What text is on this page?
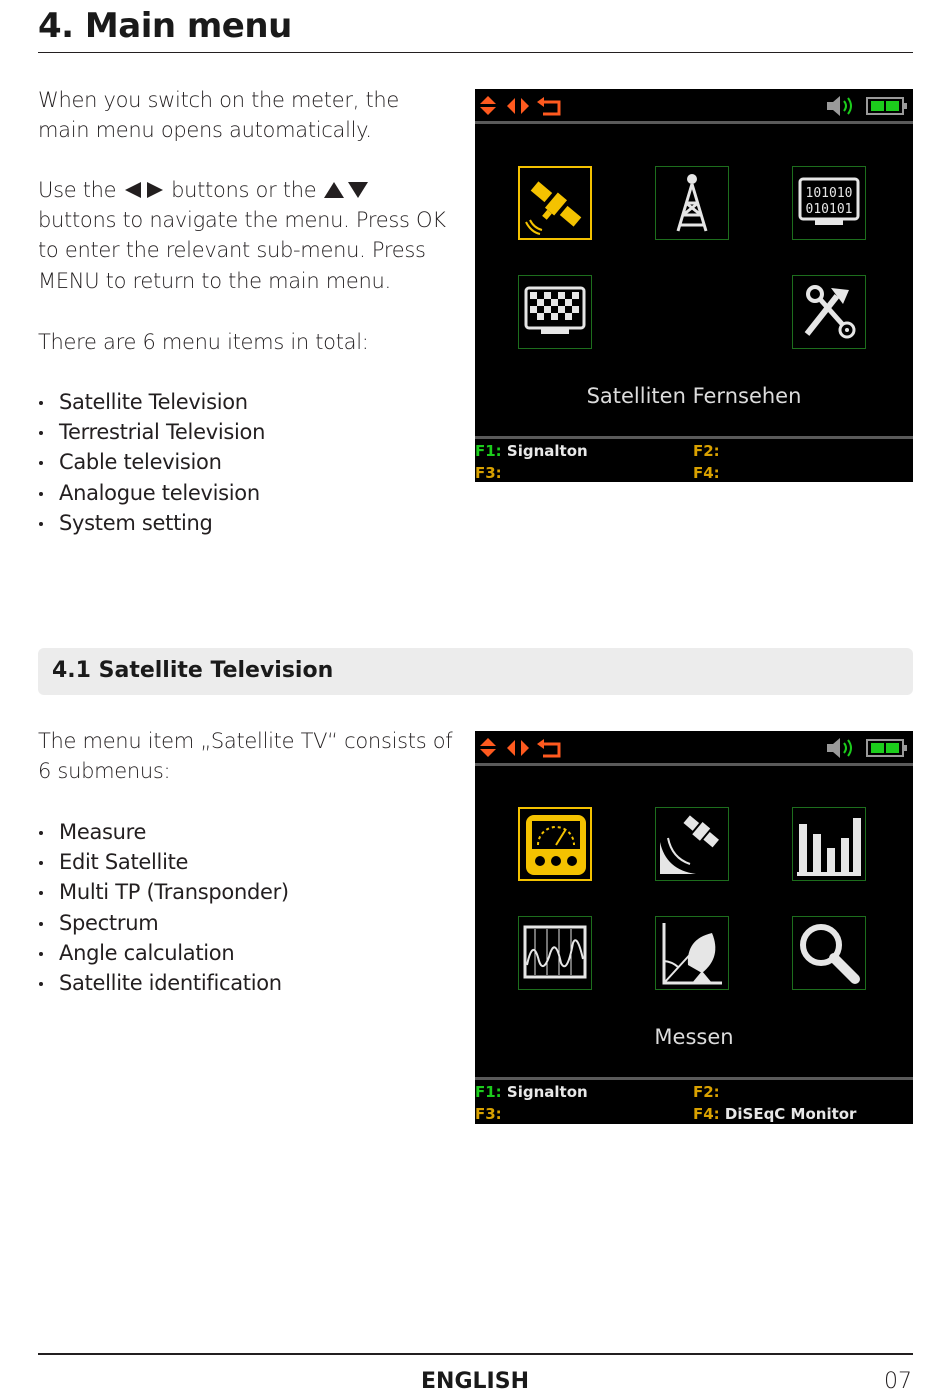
4. Main menu

When you switch on the meter, the main menu opens automatically.

Use the	buttons or the
buttons to navigate the menu. Press OK
to enter the relevant sub-menu. Press
MENU to return to the main menu.

There are 6 menu items in total:

Satellite Television
Terrestrial Television
Cable television
Analogue television
System setting
101010
010101
Satelliten Fernsehen
F1: Signalton	F2:
F3:	F4:
4.1 Satellite Television
The menu item „Satellite TV“ consists of
6 submenus:
Measure
Edit Satellite
Multi TP (Transponder)
Spectrum
Angle calculation
Satellite identification
Messen
F1: Signalton	F2:
F3:	F4: DiSEqC Monitor
ENGLISH	07
